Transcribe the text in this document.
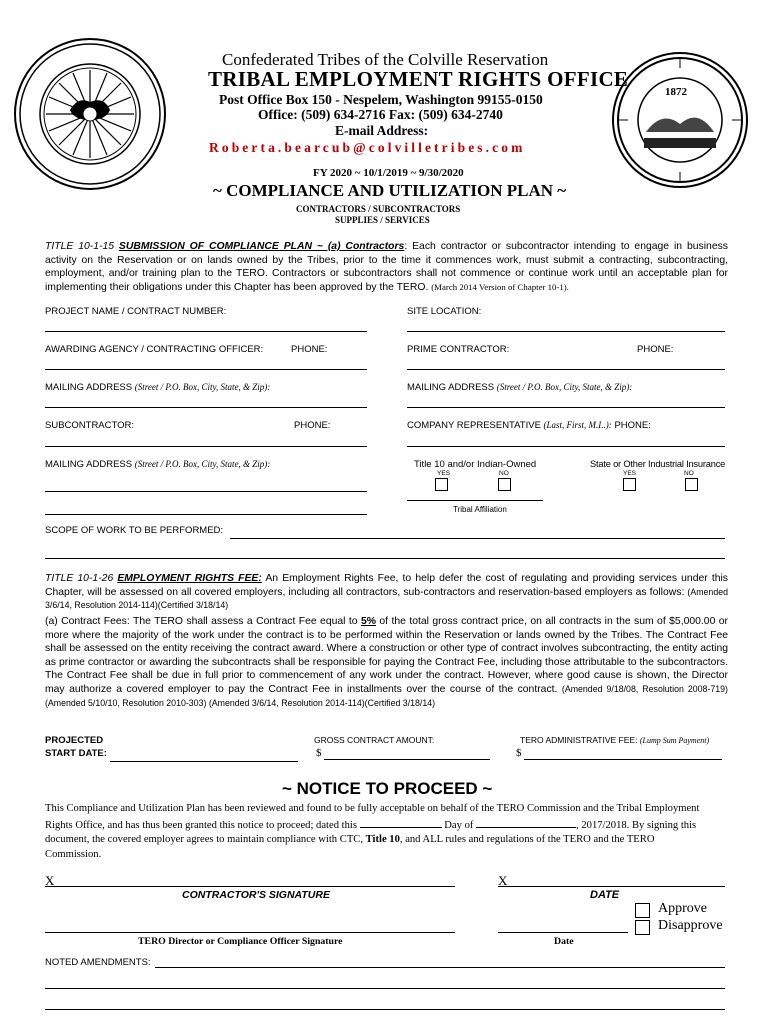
1872
Confederated Tribes of the Colville Reservation
TRIBAL EMPLOYMENT RIGHTS OFFICE
Post Office Box 150 - Nespelem, Washington 99155-0150
Office: (509) 634-2716 Fax: (509) 634-2740
E-mail Address:
Roberta.bearcub@colvilletribes.com
FY 2020 ~ 10/1/2019 ~ 9/30/2020
~ COMPLIANCE AND UTILIZATION PLAN ~
CONTRACTORS / SUBCONTRACTORS
SUPPLIES / SERVICES
TITLE 10-1-15 SUBMISSION OF COMPLIANCE PLAN ~ (a) Contractors: Each contractor or subcontractor intending to engage in business activity on the Reservation or on lands owned by the Tribes, prior to the time it commences work, must submit a contracting, subcontracting, employment, and/or training plan to the TERO. Contractors or subcontractors shall not commence or continue work until an acceptable plan for implementing their obligations under this Chapter has been approved by the TERO. (March 2014 Version of Chapter 10-1).
PROJECT NAME / CONTRACT NUMBER:	SITE LOCATION:
AWARDING AGENCY / CONTRACTING OFFICER:	PHONE:	PRIME CONTRACTOR:	PHONE:
MAILING ADDRESS (Street / P.O. Box, City, State, & Zip):	MAILING ADDRESS (Street / P.O. Box, City, State, & Zip):
SUBCONTRACTOR:	PHONE:	COMPANY REPRESENTATIVE (Last, First, M.I..): PHONE:
MAILING ADDRESS (Street / P.O. Box, City, State, & Zip):	Title 10 and/or Indian-Owned
YES	NO
Tribal Affiliation
State or Other Industrial Insurance
YES	NO
SCOPE OF WORK TO BE PERFORMED:
TITLE 10-1-26 EMPLOYMENT RIGHTS FEE: An Employment Rights Fee, to help defer the cost of regulating and providing services under this Chapter, will be assessed on all covered employers, including all contractors, sub-contractors and reservation-based employers as follows: (Amended 3/6/14, Resolution 2014-114)(Certified 3/18/14)
(a) Contract Fees: The TERO shall assess a Contract Fee equal to 5% of the total gross contract price, on all contracts in the sum of $5,000.00 or more where the majority of the work under the contract is to be performed within the Reservation or lands owned by the Tribes. The Contract Fee shall be assessed on the entity receiving the contract award. Where a construction or other type of contract involves subcontracting, the entity acting as prime contractor or awarding the subcontracts shall be responsible for paying the Contract Fee, including those attributable to the subcontractors. The Contract Fee shall be due in full prior to commencement of any work under the contract. However, where good cause is shown, the Director may authorize a covered employer to pay the Contract Fee in installments over the course of the contract. (Amended 9/18/08, Resolution 2008-719) (Amended 5/10/10, Resolution 2010-303) (Amended 3/6/14, Resolution 2014-114)(Certified 3/18/14)
PROJECTED
START DATE:
GROSS CONTRACT AMOUNT:
$
TERO ADMINISTRATIVE FEE: (Lump Sum Payment)
$
~ NOTICE TO PROCEED ~
This Compliance and Utilization Plan has been reviewed and found to be fully acceptable on behalf of the TERO Commission and the Tribal Employment
Rights Office, and has thus been granted this notice to proceed; dated this	Day of	, 2017/2018. By signing this
document, the covered employer agrees to maintain compliance with CTC, Title 10, and ALL rules and regulations of the TERO and the TERO
Commission.
X
CONTRACTOR'S SIGNATURE
X
DATE
Approve
Disapprove
TERO Director or Compliance Officer Signature	Date
NOTED AMENDMENTS:
